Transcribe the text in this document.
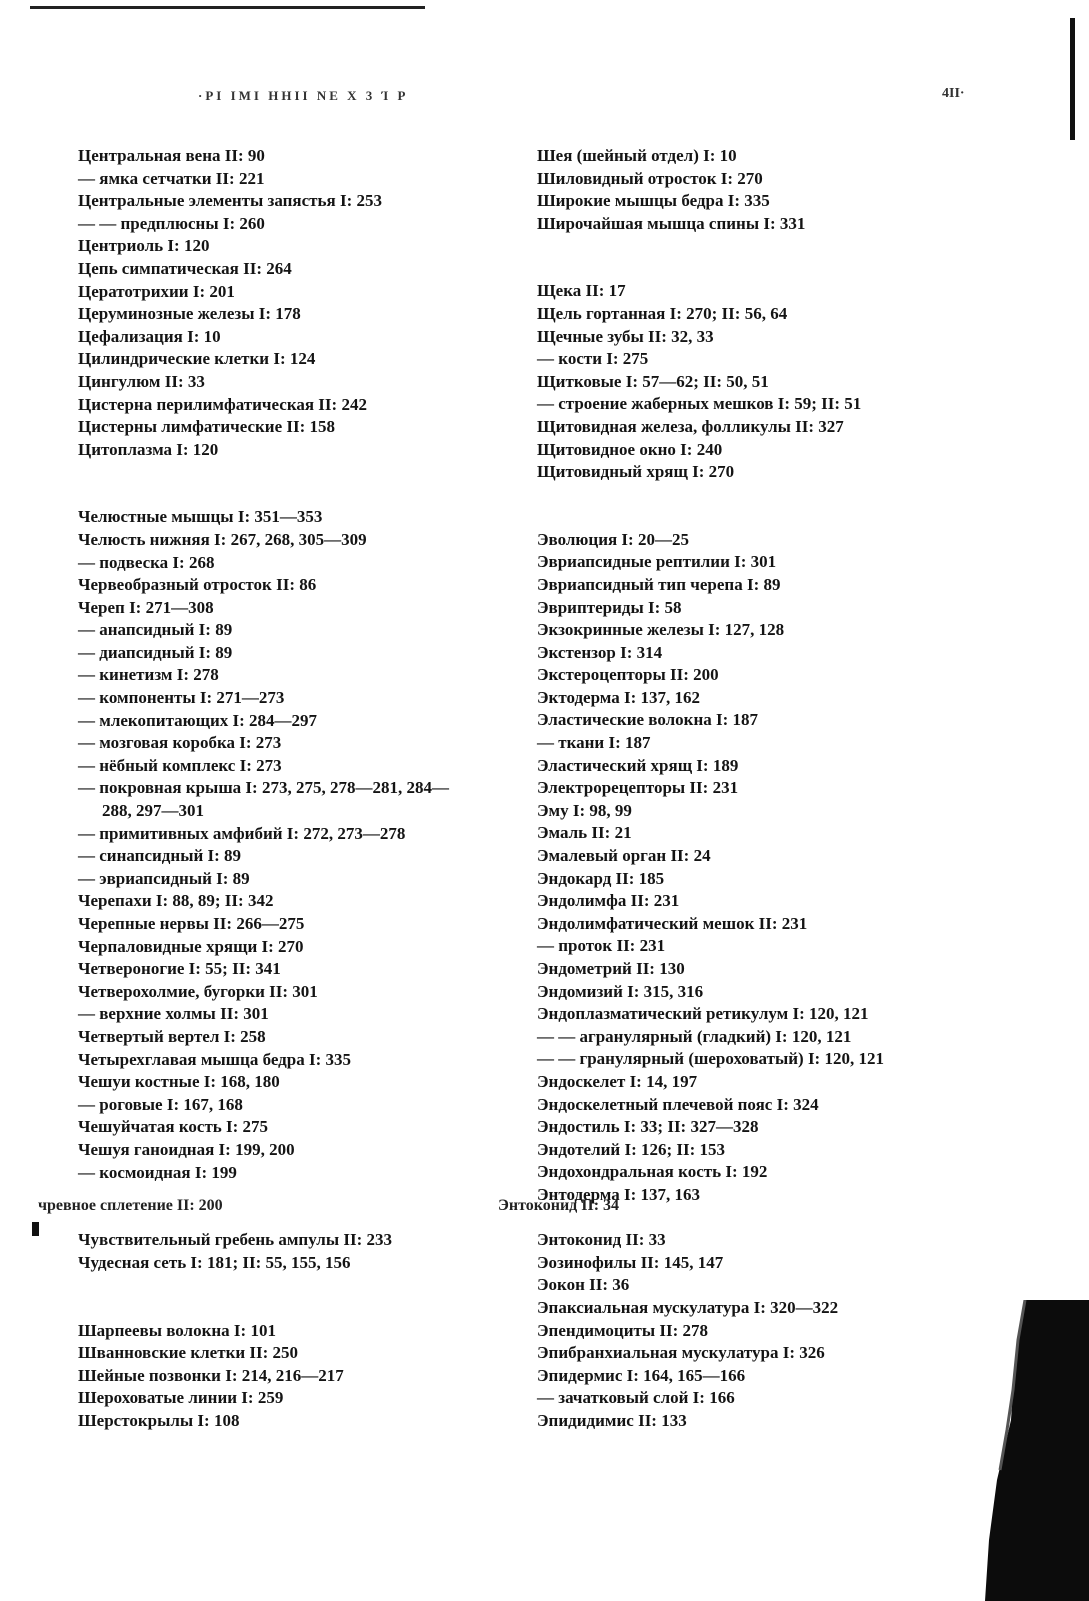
·PI ΙΜΙ ΗΗΙΙ ΝΕ Χ 3 Ί Ρ	4ΙΙ·
Центральная вена II: 90
— ямка сетчатки II: 221
Центральные элементы запястья I: 253
— — предплюсны I: 260
Центриоль I: 120
Цепь симпатическая II: 264
Цератотрихии I: 201
Церуминозные железы I: 178
Цефализация I: 10
Цилиндрические клетки I: 124
Цингулюм II: 33
Цистерна перилимфатическая II: 242
Цистерны лимфатические II: 158
Цитоплазма I: 120
Челюстные мышцы I: 351—353
Челюсть нижняя I: 267, 268, 305—309
— подвеска I: 268
Червеобразный отросток II: 86
Череп I: 271—308
— анапсидный I: 89
— диапсидный I: 89
— кинетизм I: 278
— компоненты I: 271—273
— млекопитающих I: 284—297
— мозговая коробка I: 273
— нёбный комплекс I: 273
— покровная крыша I: 273, 275, 278—281, 284—
288, 297—301
— примитивных амфибий I: 272, 273—278
— синапсидный I: 89
— эвриапсидный I: 89
Черепахи I: 88, 89; II: 342
Черепные нервы II: 266—275
Черпаловидные хрящи I: 270
Четвероногие I: 55; II: 341
Четверохолмие, бугорки II: 301
— верхние холмы II: 301
Четвертый вертел I: 258
Четырехглавая мышца бедра I: 335
Чешуи костные I: 168, 180
— роговые I: 167, 168
Чешуйчатая кость I: 275
Чешуя ганоидная I: 199, 200
— космоидная I: 199

Чувствительный гребень ампулы II: 233
Чудесная сеть I: 181; II: 55, 155, 156
Шарпеевы волокна I: 101
Шванновские клетки II: 250
Шейные позвонки I: 214, 216—217
Шероховатые линии I: 259
Шерстокрылы I: 108
Шея (шейный отдел) I: 10
Шиловидный отросток I: 270
Широкие мышцы бедра I: 335
Широчайшая мышца спины I: 331
Щека II: 17
Щель гортанная I: 270; II: 56, 64
Щечные зубы II: 32, 33
— кости I: 275
Щитковые I: 57—62; II: 50, 51
— строение жаберных мешков I: 59; II: 51
Щитовидная железа, фолликулы II: 327
Щитовидное окно I: 240
Щитовидный хрящ I: 270
Эволюция I: 20—25
Эвриапсидные рептилии I: 301
Эвриапсидный тип черепа I: 89
Эвриптериды I: 58
Экзокринные железы I: 127, 128
Экстензор I: 314
Экстероцепторы II: 200
Эктодерма I: 137, 162
Эластические волокна I: 187
— ткани I: 187
Эластический хрящ I: 189
Электрорецепторы II: 231
Эму I: 98, 99
Эмаль II: 21
Эмалевый орган II: 24
Эндокард II: 185
Эндолимфа II: 231
Эндолимфатический мешок II: 231
— проток II: 231
Эндометрий II: 130
Эндомизий I: 315, 316
Эндоплазматический ретикулум I: 120, 121
— — агранулярный (гладкий) I: 120, 121
— — гранулярный (шероховатый) I: 120, 121
Эндоскелет I: 14, 197
Эндоскелетный плечевой пояс I: 324
Эндостиль I: 33; II: 327—328
Эндотелий I: 126; II: 153
Эндохондральная кость I: 192
Энтодерма I: 137, 163

Энтоконид II: 33
Эозинофилы II: 145, 147
Эокон II: 36
Эпаксиальная мускулатура I: 320—322
Эпендимоциты II: 278
Эпибранхиальная мускулатура I: 326
Эпидермис I: 164, 165—166
— зачатковый слой I: 166
Эпидидимис II: 133
чревное сплетение II: 200	Энтоконид II: 34
